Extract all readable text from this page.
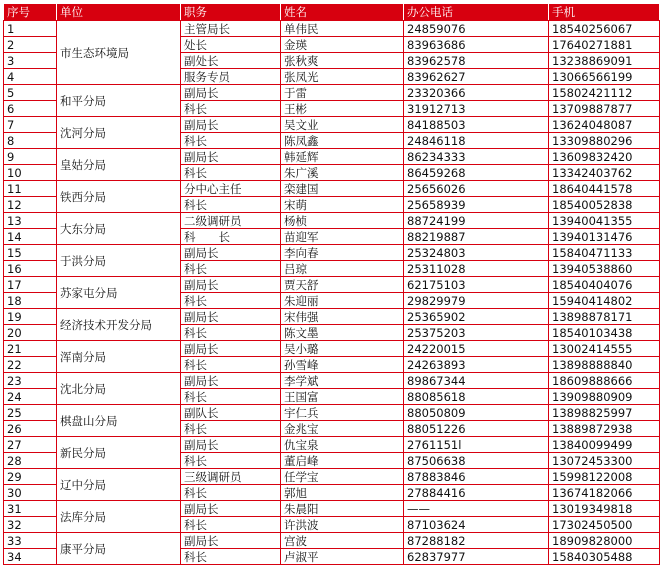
序号	单位	职务	姓名	办公电话	手机
1	市生态环境局	主管局长	单伟民	24859076	18540256067
2		处长	金瑛	83963686	17640271881
3		副处长	张秋爽	83962578	13238869091
4		服务专员	张凤光	83962627	13066566199
5	和平分局	副局长	于雷	23320366	15802421112
6		科长	王彬	31912713	13709887877
7	沈河分局	副局长	吴文业	84188503	13624048087
8		科长	陈凤鑫	24846118	13309880296
9	皇姑分局	副局长	韩延辉	86234333	13609832420
10		科长	朱广溪	86459268	13342403762
11	铁西分局	分中心主任	栾建国	25656026	18640441578
12		科长	宋萌	25658939	18540052838
13	大东分局	二级调研员	杨桢	88724199	13940041355
14		科　　长	苗迎军	88219887	13940131476
15	于洪分局	副局长	李向春	25324803	15840471133
16		科长	吕琼	25311028	13940538860
17	苏家屯分局	副局长	贾天舒	62175103	18540404076
18		科长	朱迎丽	29829979	15940414802
19	经济技术开发分局	副局长	宋伟强	25365902	13898878171
20		科长	陈文墨	25375203	18540103438
21	浑南分局	副局长	吴小璐	24220015	13002414555
22		科长	孙雪峰	24263893	13898888840
23	沈北分局	副局长	李学斌	89867344	18609888666
24		科长	王国富	88085618	13909880909
25	棋盘山分局	副队长	宇仁兵	88050809	13898825997
26		科长	金兆宝	88051226	13889872938
27	新民分局	副局长	仇宝泉	2761151l	13840099499
28		科长	董启峰	87506638	13072453300
29	辽中分局	三级调研员	任学宝	87883846	15998122008
30		科长	郭旭	27884416	13674182066
31	法库分局	副局长	朱晨阳	——	13019349818
32		科长	许洪波	87103624	17302450500
33	康平分局	副局长	宫波	87288182	18909828000
34		科长	卢淑平	62837977	15840305488
